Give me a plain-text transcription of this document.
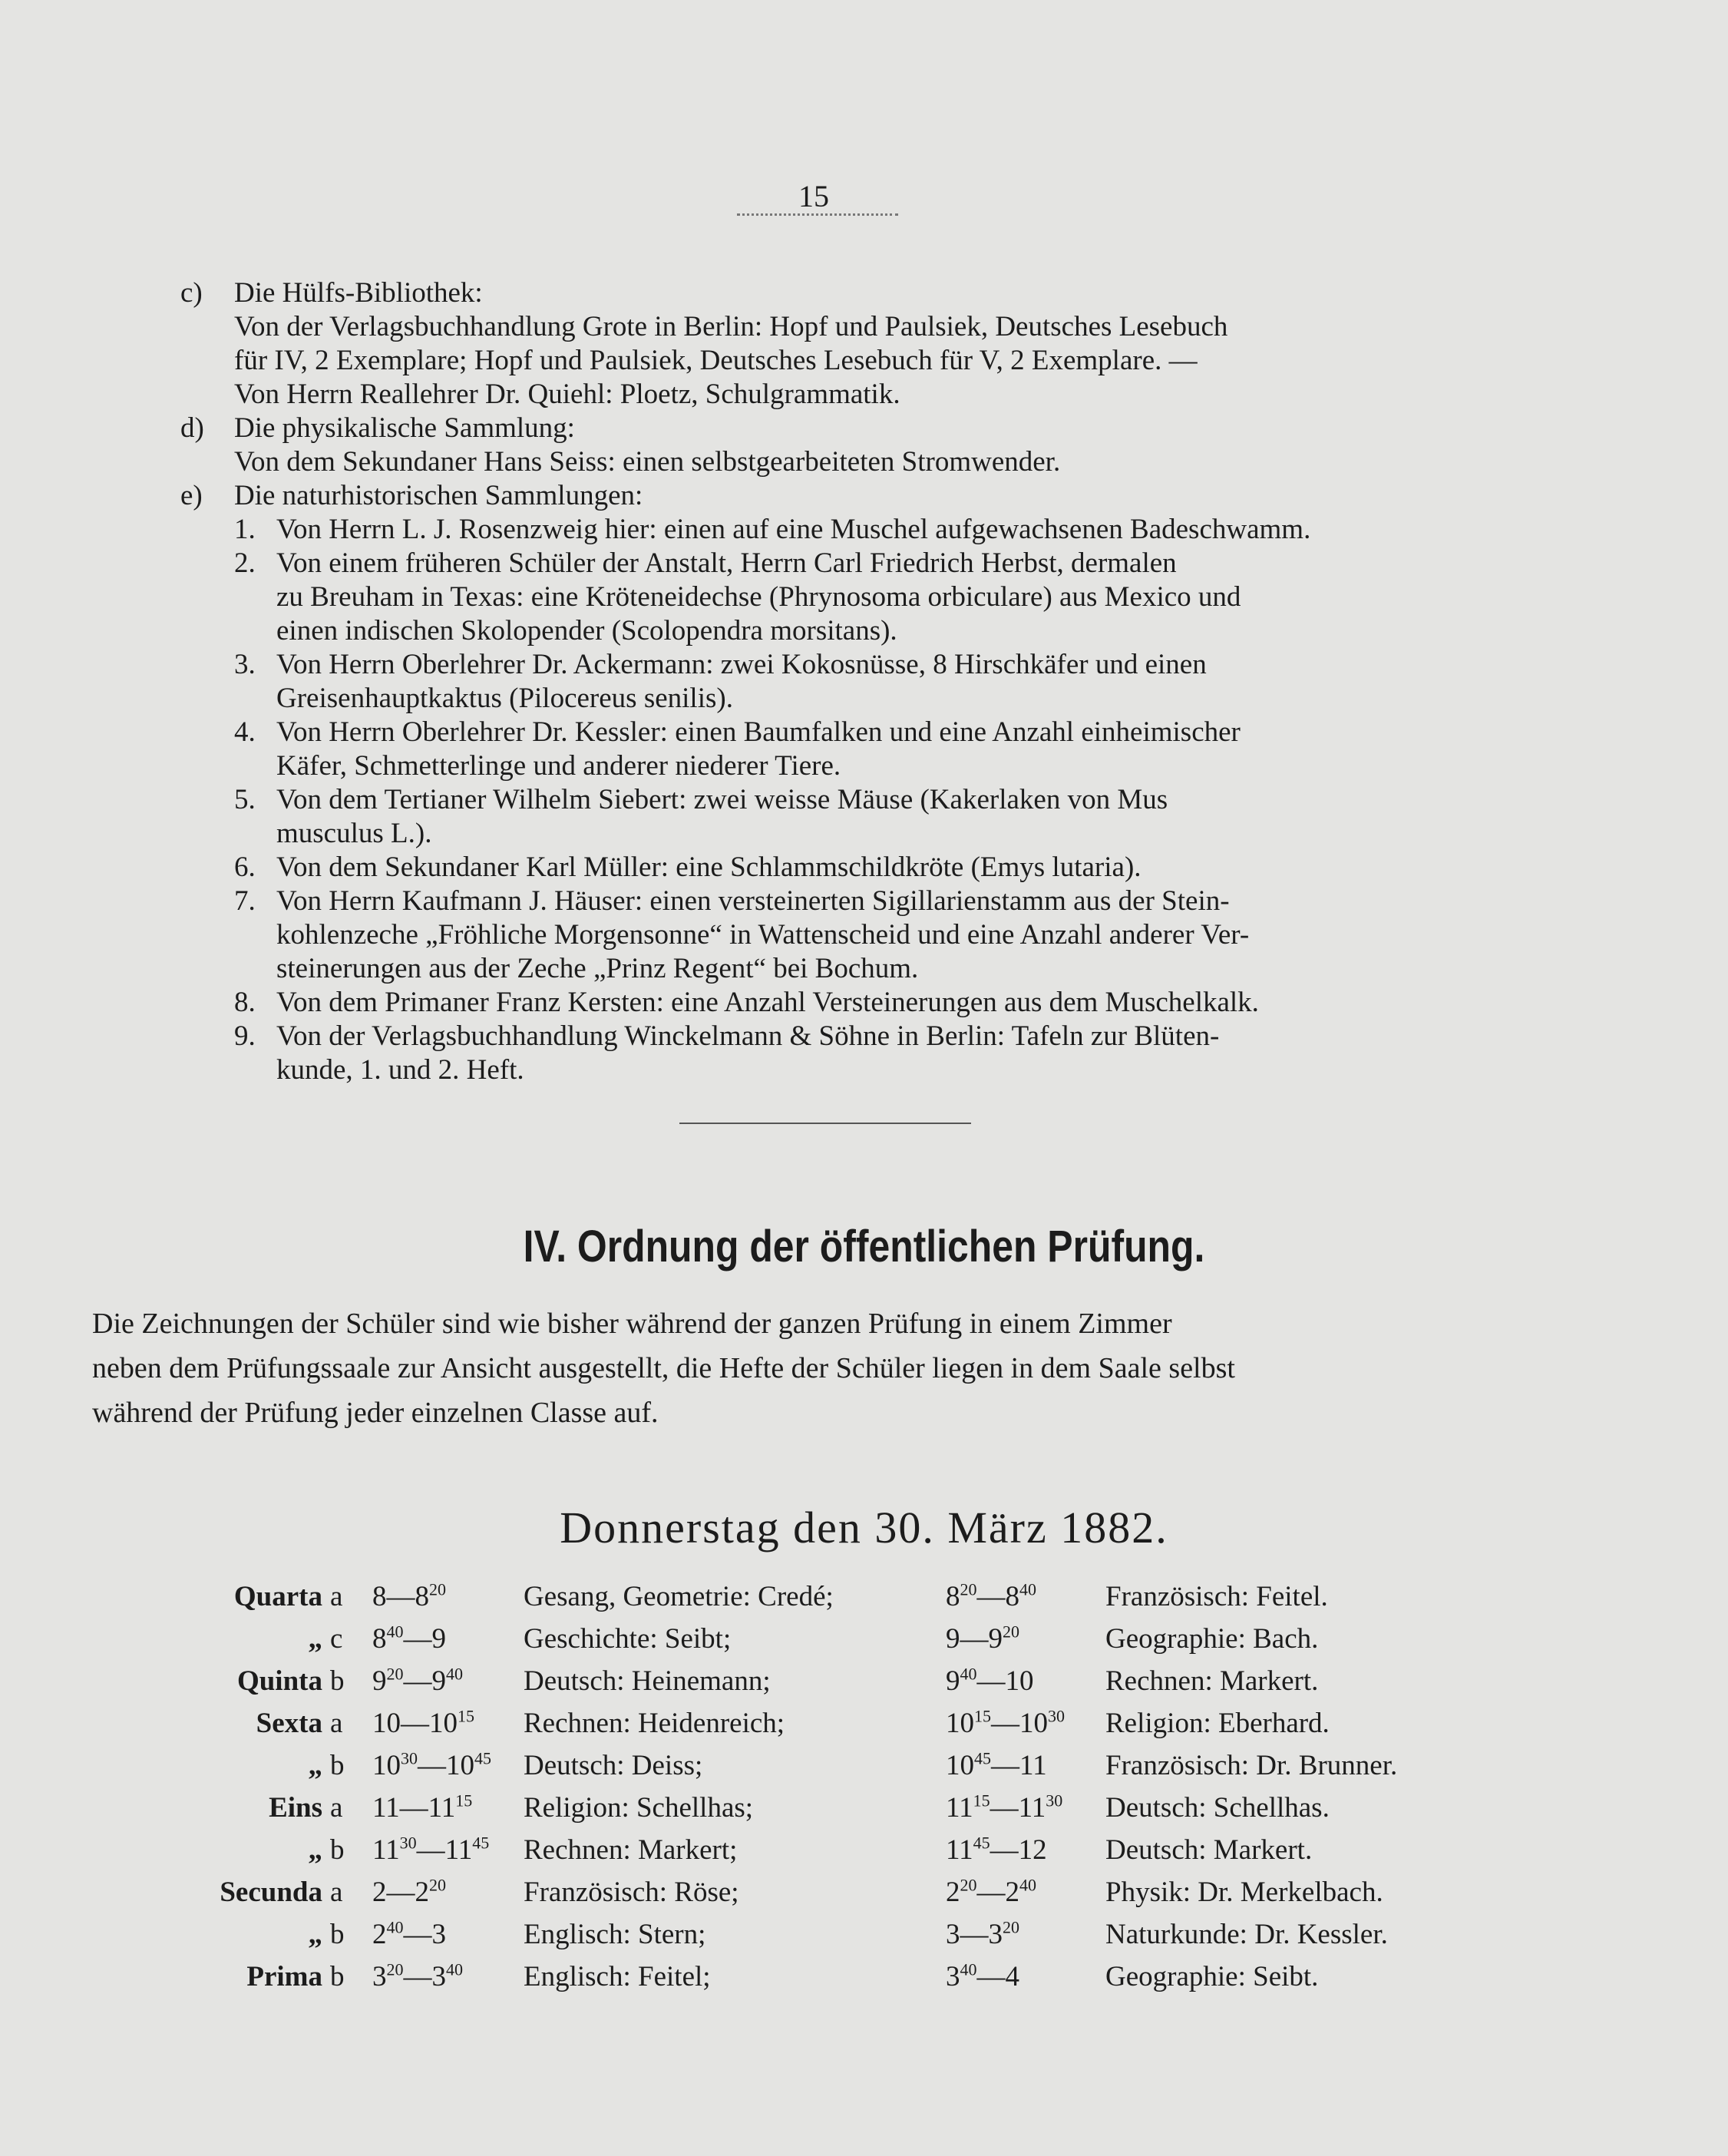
15
c) Die Hülfs-Bibliothek:
Von der Verlagsbuchhandlung Grote in Berlin: Hopf und Paulsiek, Deutsches Lesebuch
für IV, 2 Exemplare; Hopf und Paulsiek, Deutsches Lesebuch für V, 2 Exemplare. —
Von Herrn Reallehrer Dr. Quiehl: Ploetz, Schulgrammatik.
d) Die physikalische Sammlung:
Von dem Sekundaner Hans Seiss: einen selbstgearbeiteten Stromwender.
e) Die naturhistorischen Sammlungen:
1. Von Herrn L. J. Rosenzweig hier: einen auf eine Muschel aufgewachsenen Badeschwamm.
2. Von einem früheren Schüler der Anstalt, Herrn Carl Friedrich Herbst, dermalen
zu Breuham in Texas: eine Kröteneidechse (Phrynosoma orbiculare) aus Mexico und
einen indischen Skolopender (Scolopendra morsitans).
3. Von Herrn Oberlehrer Dr. Ackermann: zwei Kokosnüsse, 8 Hirschkäfer und einen
Greisenhauptkaktus (Pilocereus senilis).
4. Von Herrn Oberlehrer Dr. Kessler: einen Baumfalken und eine Anzahl einheimischer
Käfer, Schmetterlinge und anderer niederer Tiere.
5. Von dem Tertianer Wilhelm Siebert: zwei weisse Mäuse (Kakerlaken von Mus
musculus L.).
6. Von dem Sekundaner Karl Müller: eine Schlammschildkröte (Emys lutaria).
7. Von Herrn Kaufmann J. Häuser: einen versteinerten Sigillarienstamm aus der Stein-
kohlenzeche „Fröhliche Morgensonne“ in Wattenscheid und eine Anzahl anderer Ver-
steinerungen aus der Zeche „Prinz Regent“ bei Bochum.
8. Von dem Primaner Franz Kersten: eine Anzahl Versteinerungen aus dem Muschelkalk.
9. Von der Verlagsbuchhandlung Winckelmann & Söhne in Berlin: Tafeln zur Blüten-
kunde, 1. und 2. Heft.
IV. Ordnung der öffentlichen Prüfung.
Die Zeichnungen der Schüler sind wie bisher während der ganzen Prüfung in einem Zimmer
neben dem Prüfungssaale zur Ansicht ausgestellt, die Hefte der Schüler liegen in dem Saale selbst
während der Prüfung jeder einzelnen Classe auf.
Donnerstag den 30. März 1882.
Quarta a $8—8^{20}$	Gesang, Geometrie: Credé;	$8^{20}—8^{40}$ Französisch: Feitel.
„ c $8^{40}—9$	Geschichte: Seibt;	$9—9^{20}$	Geographie: Bach.
Quinta b $9^{20}—9^{40}$ Deutsch: Heinemann;	$9^{40}—10$	Rechnen: Markert.
Sexta a $10—10^{15}$ Rechnen: Heidenreich;	$10^{15}—10^{30}$ Religion: Eberhard.
„ b $10^{30}—10^{45}$ Deutsch: Deiss;	$10^{45}—11$ Französisch: Dr. Brunner.
Eins a $11—11^{15}$ Religion: Schellhas;	$11^{15}—11^{30}$ Deutsch: Schellhas.
„ b $11^{30}—11^{45}$ Rechnen: Markert;	$11^{45}—12$ Deutsch: Markert.
Secunda a $2—2^{20}$	Französisch: Röse;	$2^{20}—2^{40}$ Physik: Dr. Merkelbach.
„ b $2^{40}—3$	Englisch: Stern;	$3—3^{20}$	Naturkunde: Dr. Kessler.
Prima b $3^{20}—3^{40}$ Englisch: Feitel;	$3^{40}—4$	Geographie: Seibt.
